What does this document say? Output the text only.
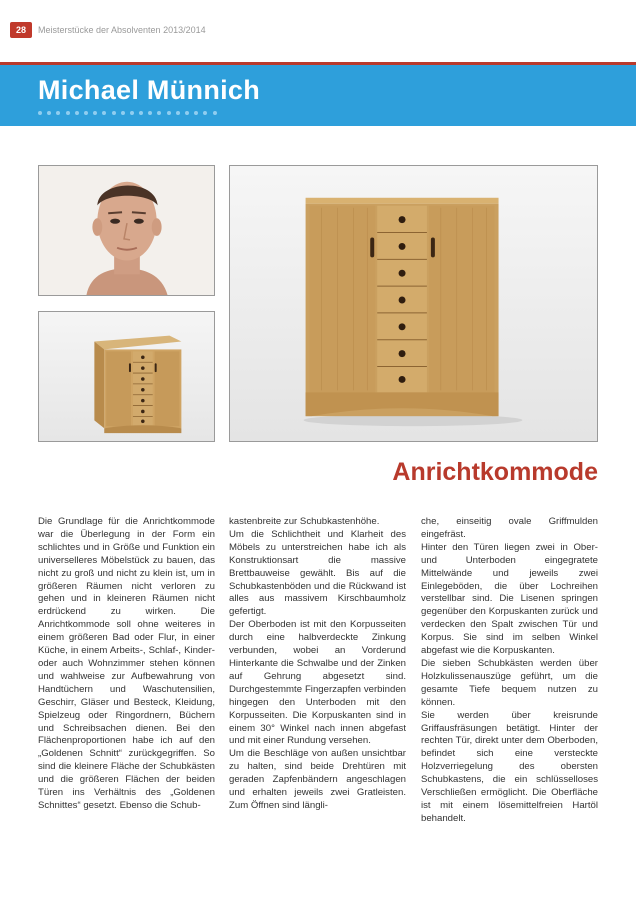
28	Meisterstücke der Absolventen 2013/2014
Michael Münnich
Anrichtkommode

Die Grundlage für die Anrichtkommode war die Überlegung in der Form ein schlichtes und in Größe und Funktion ein universelleres Möbelstück zu bauen, das nicht zu groß und nicht zu klein ist, um in größeren Räumen nicht verloren zu gehen und in kleineren Räumen nicht erdrückend zu wirken. Die Anrichtkommode soll ohne weiteres in einem größeren Bad oder Flur, in einer Küche, in einem Arbeits-, Schlaf-, Kinder- oder auch Wohnzimmer stehen können und wahlweise zur Aufbewahrung von Handtüchern und Waschutensilien, Geschirr, Gläser und Besteck, Kleidung, Spielzeug oder Ringordnern, Büchern und Schreibsachen dienen. Bei den Flächenproportionen habe ich auf den „Goldenen Schnitt“ zurückgegriffen. So sind die kleinere Fläche der Schubkästen und die größeren Flächen der beiden Türen ins Verhältnis des „Goldenen Schnittes“ gesetzt. Ebenso die Schub-

kastenbreite zur Schubkastenhöhe.

Um die Schlichtheit und Klarheit des Möbels zu unterstreichen habe ich als Konstruktionsart die massive Brettbauweise gewählt. Bis auf die Schubkastenböden und die Rückwand ist alles aus massivem Kirschbaumholz gefertigt.

Der Oberboden ist mit den Korpusseiten durch eine halbverdeckte Zinkung verbunden, wobei an Vorderund Hinterkante die Schwalbe und der Zinken auf Gehrung abgesetzt sind. Durchgestemmte Fingerzapfen verbinden hingegen den Unterboden mit den Korpusseiten. Die Korpuskanten sind in einem 30° Winkel nach innen abgefast und mit einer Rundung versehen.

Um die Beschläge von außen unsichtbar zu halten, sind beide Drehtüren mit geraden Zapfenbändern angeschlagen und erhalten jeweils zwei Gratleisten. Zum Öffnen sind längli-

che, einseitig ovale Griffmulden eingefräst.

Hinter den Türen liegen zwei in Ober- und Unterboden eingegratete Mittelwände und jeweils zwei Einlegeböden, die über Lochreihen verstellbar sind. Die Lisenen springen gegenüber den Korpuskanten zurück und verdecken den Spalt zwischen Tür und Korpus. Sie sind im selben Winkel abgefast wie die Korpuskanten.

Die sieben Schubkästen werden über Holzkulissenauszüge geführt, um die gesamte Tiefe bequem nutzen zu können.

Sie werden über kreisrunde Griffausfräsungen betätigt. Hinter der rechten Tür, direkt unter dem Oberboden, befindet sich eine versteckte Holzverriegelung des obersten Schubkastens, die ein schlüsselloses Verschließen ermöglicht. Die Oberfläche ist mit einem lösemittelfreien Hartöl behandelt.
